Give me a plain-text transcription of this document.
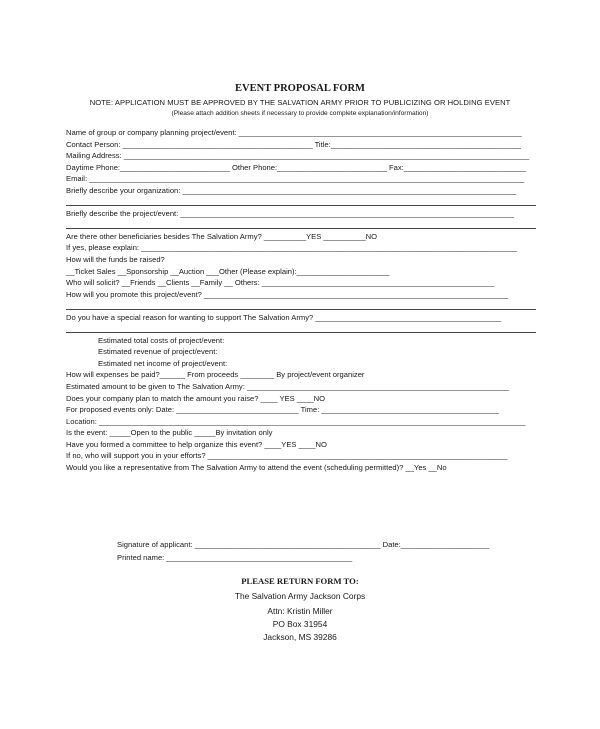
EVENT PROPOSAL FORM
NOTE: APPLICATION MUST BE APPROVED BY THE SALVATION ARMY PRIOR TO PUBLICIZING OR HOLDING EVENT
(Please attach addition sheets if necessary to provide complete explanation/information)
Name of group or company planning project/event: ___________________________________________________________________
Contact Person: _____________________________________________ Title:_____________________________________________
Mailing Address: ________________________________________________________________________________________________
Daytime Phone:__________________________ Other Phone:__________________________ Fax:_____________________________
Email: _______________________________________________________________________________________________________
Briefly describe your organization: _______________________________________________________________________________
Briefly describe the project/event: _______________________________________________________________________________
Are there other beneficiaries besides The Salvation Army? __________YES __________NO
If yes, please explain: _________________________________________________________________________________________
How will the funds be raised?
__Ticket Sales __Sponsorship __Auction ___Other (Please explain):______________________
Who will solicit? __Friends __Clients __Family __ Others: _______________________________________________________
How will you promote this project/event? ________________________________________________________________________
Do you have a special reason for wanting to support The Salvation Army? ____________________________________________
Estimated total costs of project/event:
Estimated revenue of project/event:
Estimated net income of project/event:
How will expenses be paid?______ From proceeds ________ By project/event organizer
Estimated amount to be given to The Salvation Army: ______________________________________________________________
Does your company plan to match the amount you raise? ____ YES ____NO
For proposed events only: Date: _____________________________ Time: __________________________________________
Location: _____________________________________________________________________________________________________
Is the event: _____Open to the public _____By invitation only
Have you formed a committee to help organize this event? ____YES ____NO
If no, who will support you in your efforts? _______________________________________________________________________
Would you like a representative from The Salvation Army to attend the event (scheduling permitted)? __Yes __No
Signature of applicant: ____________________________________________ Date:_____________________
Printed name: ____________________________________________
PLEASE RETURN FORM TO:
The Salvation Army Jackson Corps
Attn: Kristin Miller
PO Box 31954
Jackson, MS 39286
